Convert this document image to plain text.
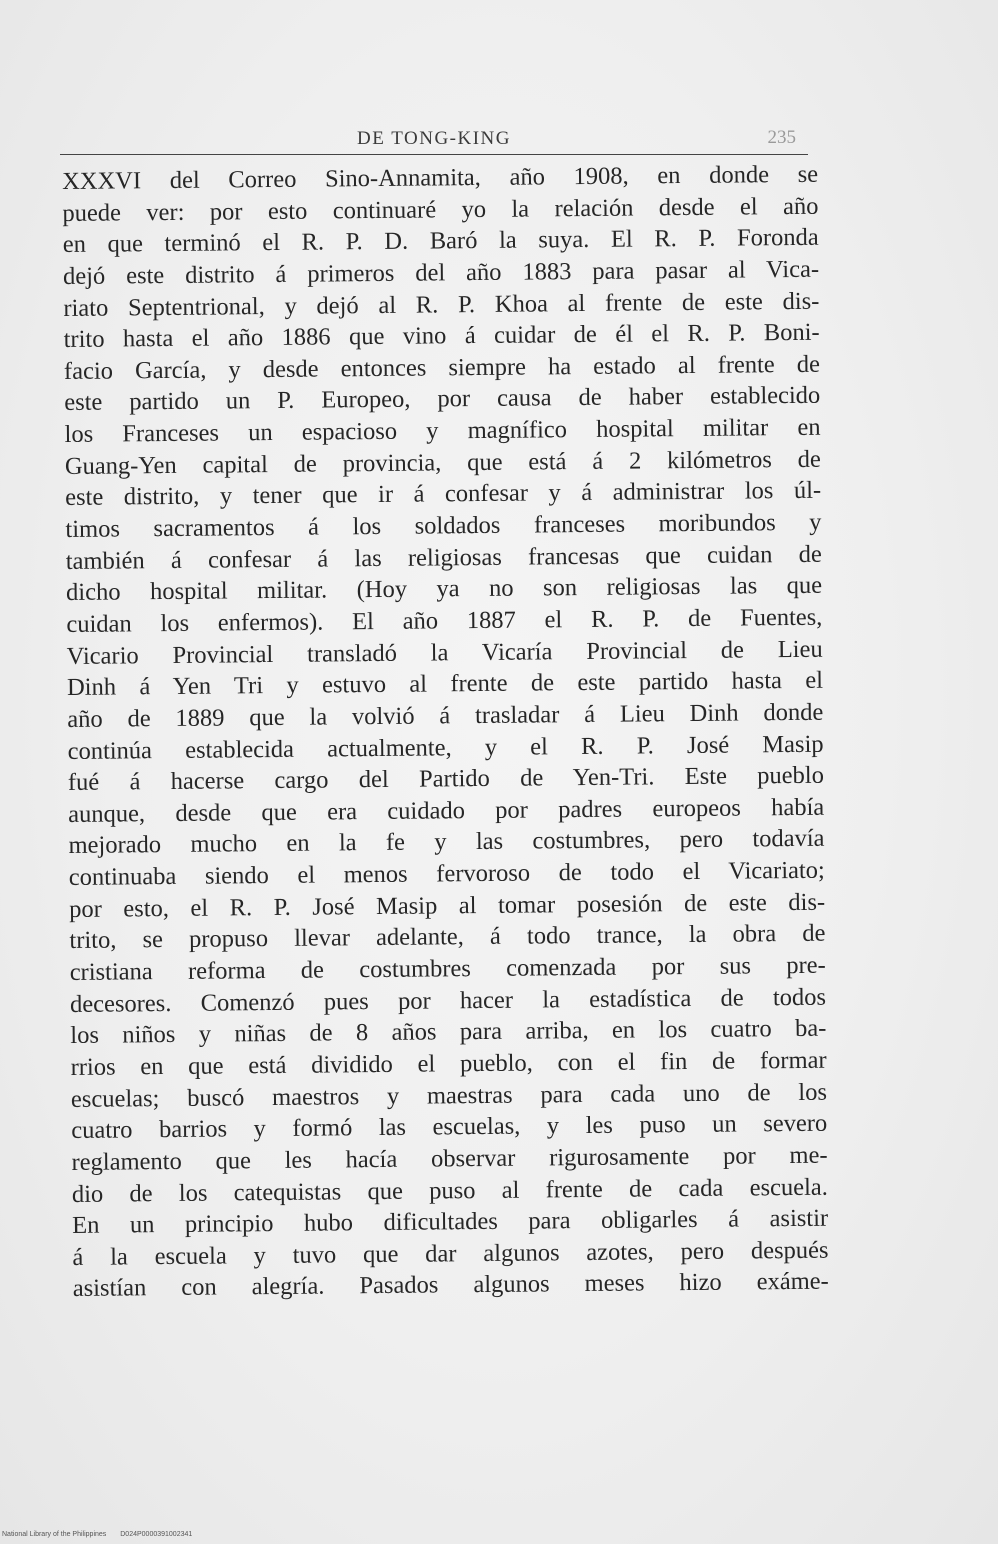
DE TONG-KING	235
XXXVI del Correo Sino-Annamita, año 1908, en donde se
puede ver: por esto continuaré yo la relación desde el año
en que terminó el R. P. D. Baró la suya. El R. P. Foronda
dejó este distrito á primeros del año 1883 para pasar al Vica-
riato Septentrional, y dejó al R. P. Khoa al frente de este dis-
trito hasta el año 1886 que vino á cuidar de él el R. P. Boni-
facio García, y desde entonces siempre ha estado al frente de
este partido un P. Europeo, por causa de haber establecido
los Franceses un espacioso y magnífico hospital militar en
Guang-Yen capital de provincia, que está á 2 kilómetros de
este distrito, y tener que ir á confesar y á administrar los úl-
timos sacramentos á los soldados franceses moribundos y
también á confesar á las religiosas francesas que cuidan de
dicho hospital militar. (Hoy ya no son religiosas las que
cuidan los enfermos). El año 1887 el R. P. de Fuentes,
Vicario Provincial transladó la Vicaría Provincial de Lieu
Dinh á Yen Tri y estuvo al frente de este partido hasta el
año de 1889 que la volvió á trasladar á Lieu Dinh donde
continúa establecida actualmente, y el R. P. José Masip
fué á hacerse cargo del Partido de Yen-Tri. Este pueblo
aunque, desde que era cuidado por padres europeos había
mejorado mucho en la fe y las costumbres, pero todavía
continuaba siendo el menos fervoroso de todo el Vicariato;
por esto, el R. P. José Masip al tomar posesión de este dis-
trito, se propuso llevar adelante, á todo trance, la obra de
cristiana reforma de costumbres comenzada por sus pre-
decesores. Comenzó pues por hacer la estadística de todos
los niños y niñas de 8 años para arriba, en los cuatro ba-
rrios en que está dividido el pueblo, con el fin de formar
escuelas; buscó maestros y maestras para cada uno de los
cuatro barrios y formó las escuelas, y les puso un severo
reglamento que les hacía observar rigurosamente por me-
dio de los catequistas que puso al frente de cada escuela.
En un principio hubo dificultades para obligarles á asistir
á la escuela y tuvo que dar algunos azotes, pero después
asistían con alegría. Pasados algunos meses hizo exáme-
National Library of the Philippines D024P0000391002341
